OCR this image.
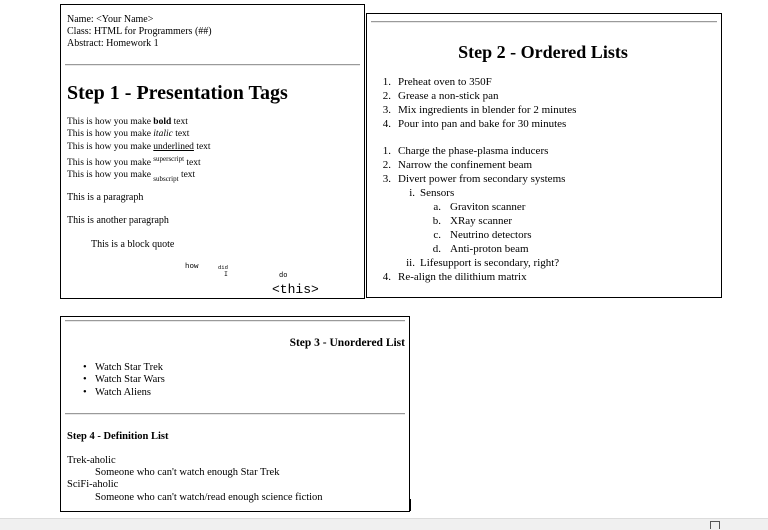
Name: <Your Name>
Class: HTML for Programmers (##)
Abstract: Homework 1
Step 1 - Presentation Tags
This is how you make bold text
This is how you make italic text
This is how you make underlined text
This is how you make $^{superscript}$ text
This is how you make $_{subscript}$ text
This is a paragraph
This is another paragraph
This is a block quote
how	did
I	do
<this>
Step 2 - Ordered Lists
1. Preheat oven to 350F
2. Grease a non-stick pan
3. Mix ingredients in blender for 2 minutes
4. Pour into pan and bake for 30 minutes
1. Charge the phase-plasma inducers
2. Narrow the confinement beam
3. Divert power from secondary systems
i. Sensors
a. Graviton scanner
b. XRay scanner
c. Neutrino detectors
d. Anti-proton beam
ii. Lifesupport is secondary, right?
4. Re-align the dilithium matrix
Step 3 - Unordered List
• Watch Star Trek
• Watch Star Wars
• Watch Aliens
Step 4 - Definition List
Trek-aholic
Someone who can't watch enough Star Trek
SciFi-aholic
Someone who can't watch/read enough science fiction
